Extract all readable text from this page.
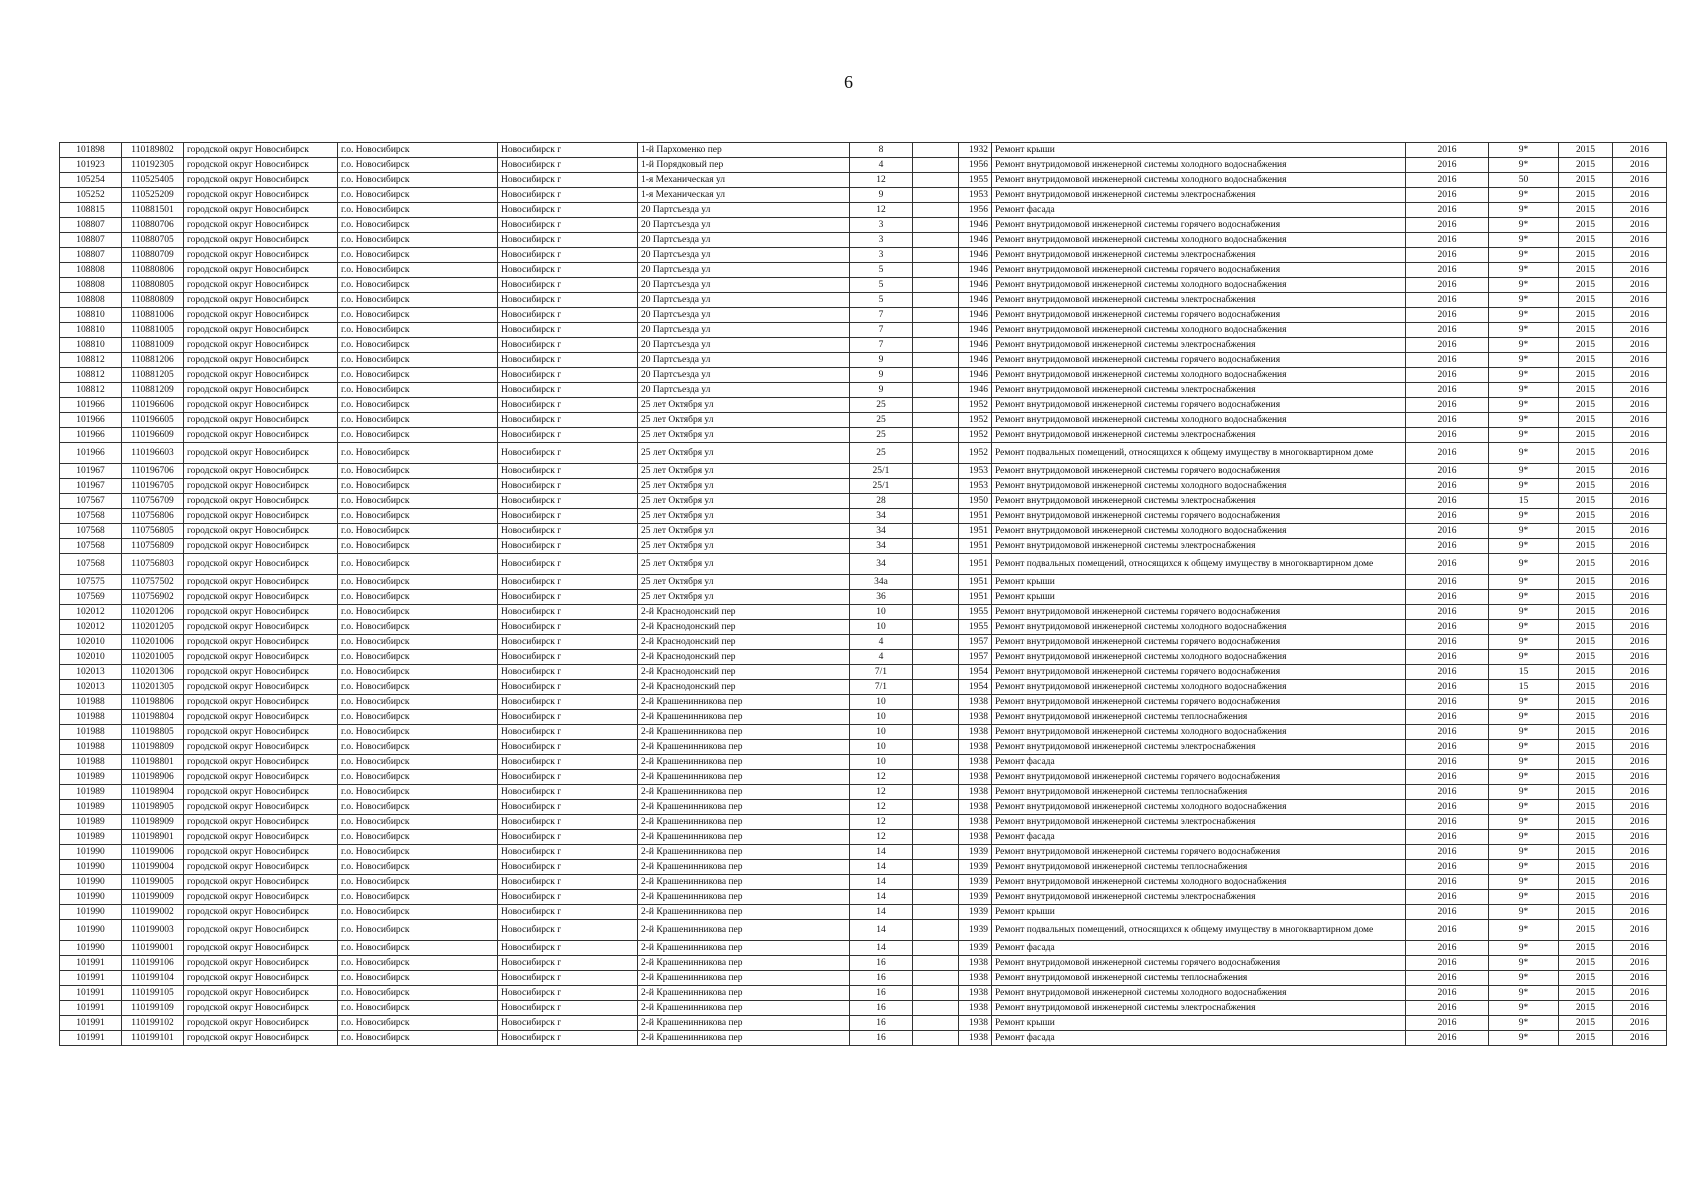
6
101898	110189802	городской округ Новосибирск	г.о. Новосибирск	Новосибирск г	1-й Пархоменко пер	8		1932	Ремонт крыши	2016	9*	2015	2016
101923	110192305	городской округ Новосибирск	г.о. Новосибирск	Новосибирск г	1-й Порядковый пер	4		1956	Ремонт внутридомовой инженерной системы холодного водоснабжения	2016	9*	2015	2016
105254	110525405	городской округ Новосибирск	г.о. Новосибирск	Новосибирск г	1-я Механическая ул	12		1955	Ремонт внутридомовой инженерной системы холодного водоснабжения	2016	50	2015	2016
105252	110525209	городской округ Новосибирск	г.о. Новосибирск	Новосибирск г	1-я Механическая ул	9		1953	Ремонт внутридомовой инженерной системы электроснабжения	2016	9*	2015	2016
108815	110881501	городской округ Новосибирск	г.о. Новосибирск	Новосибирск г	20 Партсъезда ул	12		1956	Ремонт фасада	2016	9*	2015	2016
108807	110880706	городской округ Новосибирск	г.о. Новосибирск	Новосибирск г	20 Партсъезда ул	3		1946	Ремонт внутридомовой инженерной системы горячего водоснабжения	2016	9*	2015	2016
108807	110880705	городской округ Новосибирск	г.о. Новосибирск	Новосибирск г	20 Партсъезда ул	3		1946	Ремонт внутридомовой инженерной системы холодного водоснабжения	2016	9*	2015	2016
108807	110880709	городской округ Новосибирск	г.о. Новосибирск	Новосибирск г	20 Партсъезда ул	3		1946	Ремонт внутридомовой инженерной системы электроснабжения	2016	9*	2015	2016
108808	110880806	городской округ Новосибирск	г.о. Новосибирск	Новосибирск г	20 Партсъезда ул	5		1946	Ремонт внутридомовой инженерной системы горячего водоснабжения	2016	9*	2015	2016
108808	110880805	городской округ Новосибирск	г.о. Новосибирск	Новосибирск г	20 Партсъезда ул	5		1946	Ремонт внутридомовой инженерной системы холодного водоснабжения	2016	9*	2015	2016
108808	110880809	городской округ Новосибирск	г.о. Новосибирск	Новосибирск г	20 Партсъезда ул	5		1946	Ремонт внутридомовой инженерной системы электроснабжения	2016	9*	2015	2016
108810	110881006	городской округ Новосибирск	г.о. Новосибирск	Новосибирск г	20 Партсъезда ул	7		1946	Ремонт внутридомовой инженерной системы горячего водоснабжения	2016	9*	2015	2016
108810	110881005	городской округ Новосибирск	г.о. Новосибирск	Новосибирск г	20 Партсъезда ул	7		1946	Ремонт внутридомовой инженерной системы холодного водоснабжения	2016	9*	2015	2016
108810	110881009	городской округ Новосибирск	г.о. Новосибирск	Новосибирск г	20 Партсъезда ул	7		1946	Ремонт внутридомовой инженерной системы электроснабжения	2016	9*	2015	2016
108812	110881206	городской округ Новосибирск	г.о. Новосибирск	Новосибирск г	20 Партсъезда ул	9		1946	Ремонт внутридомовой инженерной системы горячего водоснабжения	2016	9*	2015	2016
108812	110881205	городской округ Новосибирск	г.о. Новосибирск	Новосибирск г	20 Партсъезда ул	9		1946	Ремонт внутридомовой инженерной системы холодного водоснабжения	2016	9*	2015	2016
108812	110881209	городской округ Новосибирск	г.о. Новосибирск	Новосибирск г	20 Партсъезда ул	9		1946	Ремонт внутридомовой инженерной системы электроснабжения	2016	9*	2015	2016
101966	110196606	городской округ Новосибирск	г.о. Новосибирск	Новосибирск г	25 лет Октября ул	25		1952	Ремонт внутридомовой инженерной системы горячего водоснабжения	2016	9*	2015	2016
101966	110196605	городской округ Новосибирск	г.о. Новосибирск	Новосибирск г	25 лет Октября ул	25		1952	Ремонт внутридомовой инженерной системы холодного водоснабжения	2016	9*	2015	2016
101966	110196609	городской округ Новосибирск	г.о. Новосибирск	Новосибирск г	25 лет Октября ул	25		1952	Ремонт внутридомовой инженерной системы электроснабжения	2016	9*	2015	2016
101966	110196603	городской округ Новосибирск	г.о. Новосибирск	Новосибирск г	25 лет Октября ул	25		1952	Ремонт подвальных помещений, относящихся к общему имуществу в многоквартирном доме	2016	9*	2015	2016
101967	110196706	городской округ Новосибирск	г.о. Новосибирск	Новосибирск г	25 лет Октября ул	25/1		1953	Ремонт внутридомовой инженерной системы горячего водоснабжения	2016	9*	2015	2016
101967	110196705	городской округ Новосибирск	г.о. Новосибирск	Новосибирск г	25 лет Октября ул	25/1		1953	Ремонт внутридомовой инженерной системы холодного водоснабжения	2016	9*	2015	2016
107567	110756709	городской округ Новосибирск	г.о. Новосибирск	Новосибирск г	25 лет Октября ул	28		1950	Ремонт внутридомовой инженерной системы электроснабжения	2016	15	2015	2016
107568	110756806	городской округ Новосибирск	г.о. Новосибирск	Новосибирск г	25 лет Октября ул	34		1951	Ремонт внутридомовой инженерной системы горячего водоснабжения	2016	9*	2015	2016
107568	110756805	городской округ Новосибирск	г.о. Новосибирск	Новосибирск г	25 лет Октября ул	34		1951	Ремонт внутридомовой инженерной системы холодного водоснабжения	2016	9*	2015	2016
107568	110756809	городской округ Новосибирск	г.о. Новосибирск	Новосибирск г	25 лет Октября ул	34		1951	Ремонт внутридомовой инженерной системы электроснабжения	2016	9*	2015	2016
107568	110756803	городской округ Новосибирск	г.о. Новосибирск	Новосибирск г	25 лет Октября ул	34		1951	Ремонт подвальных помещений, относящихся к общему имуществу в многоквартирном доме	2016	9*	2015	2016
107575	110757502	городской округ Новосибирск	г.о. Новосибирск	Новосибирск г	25 лет Октября ул	34а		1951	Ремонт крыши	2016	9*	2015	2016
107569	110756902	городской округ Новосибирск	г.о. Новосибирск	Новосибирск г	25 лет Октября ул	36		1951	Ремонт крыши	2016	9*	2015	2016
102012	110201206	городской округ Новосибирск	г.о. Новосибирск	Новосибирск г	2-й Краснодонский пер	10		1955	Ремонт внутридомовой инженерной системы горячего водоснабжения	2016	9*	2015	2016
102012	110201205	городской округ Новосибирск	г.о. Новосибирск	Новосибирск г	2-й Краснодонский пер	10		1955	Ремонт внутридомовой инженерной системы холодного водоснабжения	2016	9*	2015	2016
102010	110201006	городской округ Новосибирск	г.о. Новосибирск	Новосибирск г	2-й Краснодонский пер	4		1957	Ремонт внутридомовой инженерной системы горячего водоснабжения	2016	9*	2015	2016
102010	110201005	городской округ Новосибирск	г.о. Новосибирск	Новосибирск г	2-й Краснодонский пер	4		1957	Ремонт внутридомовой инженерной системы холодного водоснабжения	2016	9*	2015	2016
102013	110201306	городской округ Новосибирск	г.о. Новосибирск	Новосибирск г	2-й Краснодонский пер	7/1		1954	Ремонт внутридомовой инженерной системы горячего водоснабжения	2016	15	2015	2016
102013	110201305	городской округ Новосибирск	г.о. Новосибирск	Новосибирск г	2-й Краснодонский пер	7/1		1954	Ремонт внутридомовой инженерной системы холодного водоснабжения	2016	15	2015	2016
101988	110198806	городской округ Новосибирск	г.о. Новосибирск	Новосибирск г	2-й Крашенинникова пер	10		1938	Ремонт внутридомовой инженерной системы горячего водоснабжения	2016	9*	2015	2016
101988	110198804	городской округ Новосибирск	г.о. Новосибирск	Новосибирск г	2-й Крашенинникова пер	10		1938	Ремонт внутридомовой инженерной системы теплоснабжения	2016	9*	2015	2016
101988	110198805	городской округ Новосибирск	г.о. Новосибирск	Новосибирск г	2-й Крашенинникова пер	10		1938	Ремонт внутридомовой инженерной системы холодного водоснабжения	2016	9*	2015	2016
101988	110198809	городской округ Новосибирск	г.о. Новосибирск	Новосибирск г	2-й Крашенинникова пер	10		1938	Ремонт внутридомовой инженерной системы электроснабжения	2016	9*	2015	2016
101988	110198801	городской округ Новосибирск	г.о. Новосибирск	Новосибирск г	2-й Крашенинникова пер	10		1938	Ремонт фасада	2016	9*	2015	2016
101989	110198906	городской округ Новосибирск	г.о. Новосибирск	Новосибирск г	2-й Крашенинникова пер	12		1938	Ремонт внутридомовой инженерной системы горячего водоснабжения	2016	9*	2015	2016
101989	110198904	городской округ Новосибирск	г.о. Новосибирск	Новосибирск г	2-й Крашенинникова пер	12		1938	Ремонт внутридомовой инженерной системы теплоснабжения	2016	9*	2015	2016
101989	110198905	городской округ Новосибирск	г.о. Новосибирск	Новосибирск г	2-й Крашенинникова пер	12		1938	Ремонт внутридомовой инженерной системы холодного водоснабжения	2016	9*	2015	2016
101989	110198909	городской округ Новосибирск	г.о. Новосибирск	Новосибирск г	2-й Крашенинникова пер	12		1938	Ремонт внутридомовой инженерной системы электроснабжения	2016	9*	2015	2016
101989	110198901	городской округ Новосибирск	г.о. Новосибирск	Новосибирск г	2-й Крашенинникова пер	12		1938	Ремонт фасада	2016	9*	2015	2016
101990	110199006	городской округ Новосибирск	г.о. Новосибирск	Новосибирск г	2-й Крашенинникова пер	14		1939	Ремонт внутридомовой инженерной системы горячего водоснабжения	2016	9*	2015	2016
101990	110199004	городской округ Новосибирск	г.о. Новосибирск	Новосибирск г	2-й Крашенинникова пер	14		1939	Ремонт внутридомовой инженерной системы теплоснабжения	2016	9*	2015	2016
101990	110199005	городской округ Новосибирск	г.о. Новосибирск	Новосибирск г	2-й Крашенинникова пер	14		1939	Ремонт внутридомовой инженерной системы холодного водоснабжения	2016	9*	2015	2016
101990	110199009	городской округ Новосибирск	г.о. Новосибирск	Новосибирск г	2-й Крашенинникова пер	14		1939	Ремонт внутридомовой инженерной системы электроснабжения	2016	9*	2015	2016
101990	110199002	городской округ Новосибирск	г.о. Новосибирск	Новосибирск г	2-й Крашенинникова пер	14		1939	Ремонт крыши	2016	9*	2015	2016
101990	110199003	городской округ Новосибирск	г.о. Новосибирск	Новосибирск г	2-й Крашенинникова пер	14		1939	Ремонт подвальных помещений, относящихся к общему имуществу в многоквартирном доме	2016	9*	2015	2016
101990	110199001	городской округ Новосибирск	г.о. Новосибирск	Новосибирск г	2-й Крашенинникова пер	14		1939	Ремонт фасада	2016	9*	2015	2016
101991	110199106	городской округ Новосибирск	г.о. Новосибирск	Новосибирск г	2-й Крашенинникова пер	16		1938	Ремонт внутридомовой инженерной системы горячего водоснабжения	2016	9*	2015	2016
101991	110199104	городской округ Новосибирск	г.о. Новосибирск	Новосибирск г	2-й Крашенинникова пер	16		1938	Ремонт внутридомовой инженерной системы теплоснабжения	2016	9*	2015	2016
101991	110199105	городской округ Новосибирск	г.о. Новосибирск	Новосибирск г	2-й Крашенинникова пер	16		1938	Ремонт внутридомовой инженерной системы холодного водоснабжения	2016	9*	2015	2016
101991	110199109	городской округ Новосибирск	г.о. Новосибирск	Новосибирск г	2-й Крашенинникова пер	16		1938	Ремонт внутридомовой инженерной системы электроснабжения	2016	9*	2015	2016
101991	110199102	городской округ Новосибирск	г.о. Новосибирск	Новосибирск г	2-й Крашенинникова пер	16		1938	Ремонт крыши	2016	9*	2015	2016
101991	110199101	городской округ Новосибирск	г.о. Новосибирск	Новосибирск г	2-й Крашенинникова пер	16		1938	Ремонт фасада	2016	9*	2015	2016
